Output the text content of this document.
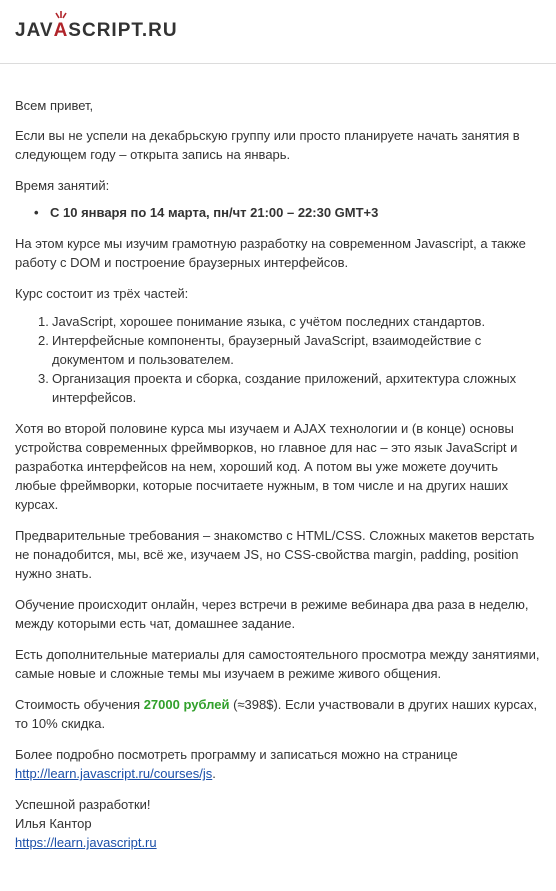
JAV A SCRIPT.RU

Всем привет,

Если вы не успели на декабрьскую группу или просто планируете начать занятия в следующем году – открыта запись на январь.

Время занятий:

• С 10 января по 14 марта, пн/чт 21:00 – 22:30 GMT+3

На этом курсе мы изучим грамотную разработку на современном Javascript, а также работу с DOM и построение браузерных интерфейсов.

Курс состоит из трёх частей:

1. JavaScript, хорошее понимание языка, с учётом последних стандартов.
2. Интерфейсные компоненты, браузерный JavaScript, взаимодействие с документом и пользователем.
3. Организация проекта и сборка, создание приложений, архитектура сложных интерфейсов.

Хотя во второй половине курса мы изучаем и AJAX технологии и (в конце) основы устройства современных фреймворков, но главное для нас – это язык JavaScript и разработка интерфейсов на нем, хороший код. А потом вы уже можете доучить любые фреймворки, которые посчитаете нужным, в том числе и на других наших курсах.

Предварительные требования – знакомство с HTML/CSS. Сложных макетов верстать не понадобится, мы, всё же, изучаем JS, но CSS-свойства margin, padding, position нужно знать.

Обучение происходит онлайн, через встречи в режиме вебинара два раза в неделю, между которыми есть чат, домашнее задание.

Есть дополнительные материалы для самостоятельного просмотра между занятиями, самые новые и сложные темы мы изучаем в режиме живого общения.

Стоимость обучения 27000 рублей (≈398$). Если участвовали в других наших курсах, то 10% скидка.

Более подробно посмотреть программу и записаться можно на странице
http://learn.javascript.ru/courses/js.

Успешной разработки!
Илья Кантор
https://learn.javascript.ru
